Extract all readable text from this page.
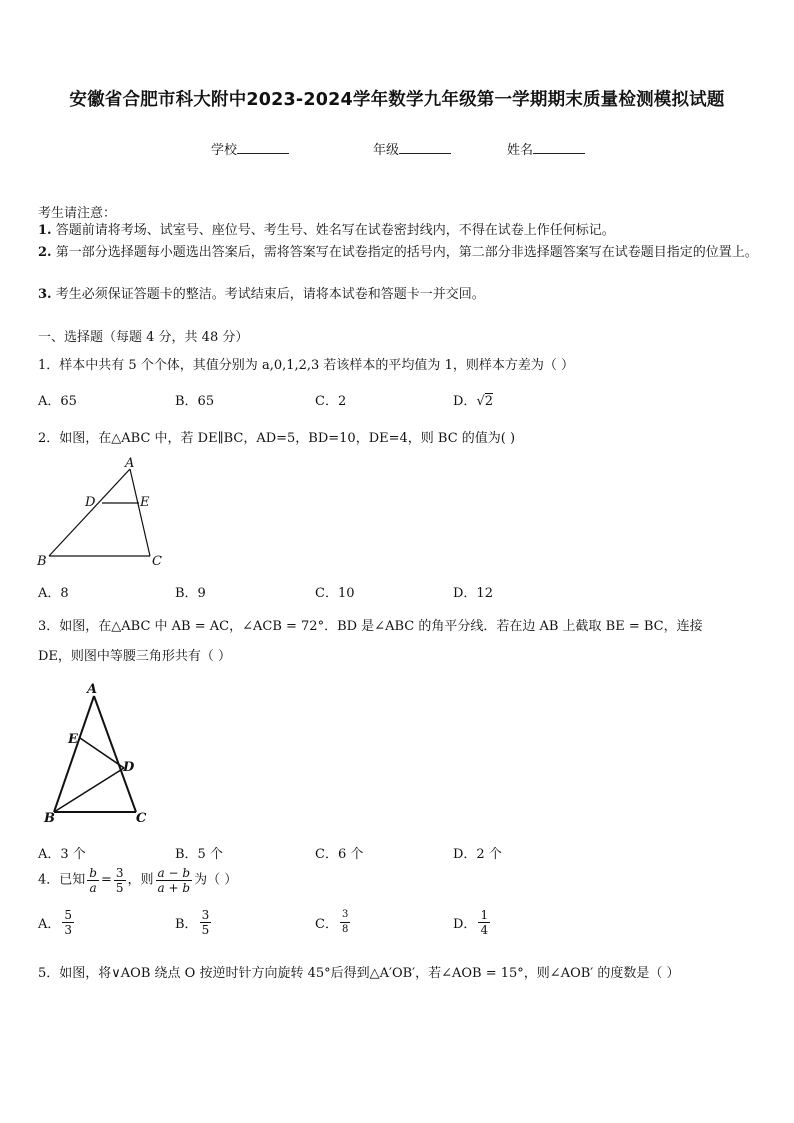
安徽省合肥市科大附中2023-2024学年数学九年级第一学期期末质量检测模拟试题
学校	年级	姓名
考生请注意：
1. 答题前请将考场、试室号、座位号、考生号、姓名写在试卷密封线内，不得在试卷上作任何标记。
2. 第一部分选择题每小题选出答案后，需将答案写在试卷指定的括号内，第二部分非选择题答案写在试卷题目指定的位置上。
3. 考生必须保证答题卡的整洁。考试结束后，请将本试卷和答题卡一并交回。
一、选择题（每题 4 分，共 48 分）
1．样本中共有 5 个个体，其值分别为 a,0,1,2,3 若该样本的平均值为 1，则样本方差为（ ）
A．65	B．65	C．2	D．√2
2．如图，在△ABC 中，若 DE∥BC，AD=5，BD=10，DE=4，则 BC 的值为( )
A
D	E
B	C
A．8	B．9	C．10	D．12
3．如图，在△ABC 中 AB = AC，∠ACB = 72°．BD 是∠ABC 的角平分线．若在边 AB 上截取 BE = BC，连接
DE，则图中等腰三角形共有（ ）
A
E
D
B	C
A．3 个	B．5 个	C．6 个	D．2 个
4．已知 $\frac{b}{a} = \frac{3}{5}$ ，则 $\frac{a - b}{a + b}$ 为（ ）
A． $\frac{5}{3}$	B． $\frac{3}{5}$	C． $\frac{3}{8}$	D． $\frac{1}{4}$
5．如图，将∨AOB 绕点 O 按逆时针方向旋转 45°后得到△A′OB′，若∠AOB = 15°，则∠AOB′ 的度数是（ ）
